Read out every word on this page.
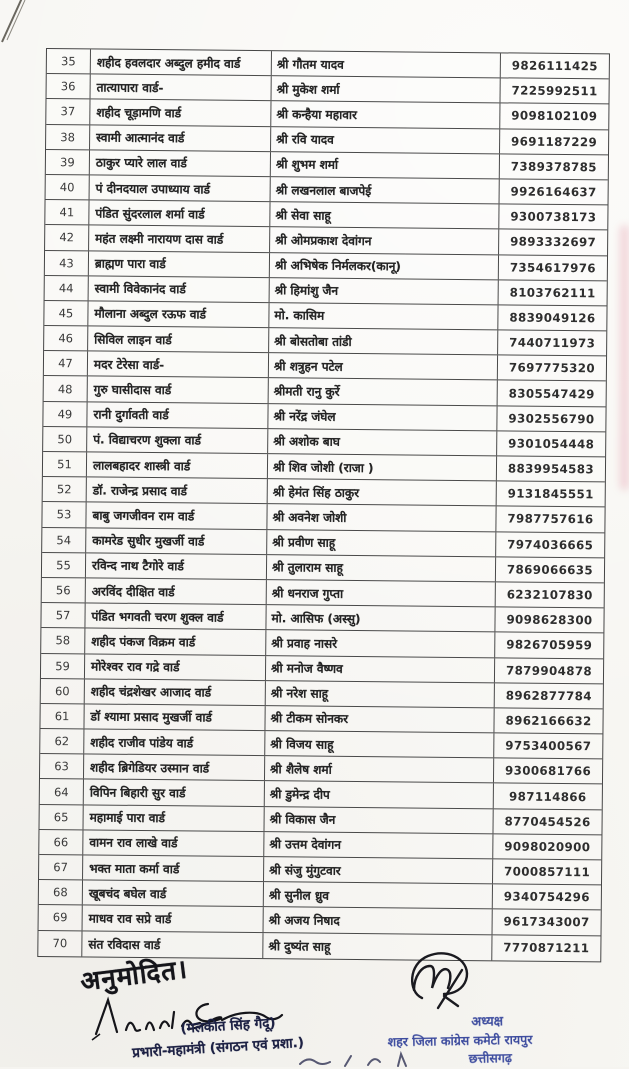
35	शहीद हवलदार अब्दुल हमीद वार्ड	श्री गौतम यादव	9826111425
36	तात्यापारा वार्ड-	श्री मुकेश शर्मा	7225992511
37	शहीद चूड़ामणि वार्ड	श्री कन्हैया महावार	9098102109
38	स्वामी आत्मानंद वार्ड	श्री रवि यादव	9691187229
39	ठाकुर प्यारे लाल वार्ड	श्री शुभम शर्मा	7389378785
40	पं दीनदयाल उपाध्याय वार्ड	श्री लखनलाल बाजपेई	9926164637
41	पंडित सुंदरलाल शर्मा वार्ड	श्री सेवा साहू	9300738173
42	महंत लक्ष्मी नारायण दास वार्ड	श्री ओमप्रकाश देवांगन	9893332697
43	ब्राह्मण पारा वार्ड	श्री अभिषेक निर्मलकर(कानू)	7354617976
44	स्वामी विवेकानंद वार्ड	श्री हिमांशु जैन	8103762111
45	मौलाना अब्दुल रऊफ वार्ड	मो. कासिम	8839049126
46	सिविल लाइन वार्ड	श्री बोसतोबा तांडी	7440711973
47	मदर टेरेसा वार्ड-	श्री शत्रुहन पटेल	7697775320
48	गुरु घासीदास वार्ड	श्रीमती रानु कुर्रे	8305547429
49	रानी दुर्गावती वार्ड	श्री नरेंद्र जंघेल	9302556790
50	पं. विद्याचरण शुक्ला वार्ड	श्री अशोक बाघ	9301054448
51	लालबहादर शास्त्री वार्ड	श्री शिव जोशी (राजा )	8839954583
52	डॉ. राजेन्द्र प्रसाद वार्ड	श्री हेमंत सिंह ठाकुर	9131845551
53	बाबु जगजीवन राम वार्ड	श्री अवनेश जोशी	7987757616
54	कामरेड सुधीर मुखर्जी वार्ड	श्री प्रवीण साहू	7974036665
55	रविन्द नाथ टैगोरे वार्ड	श्री तुलाराम साहू	7869066635
56	अरविंद दीक्षित वार्ड	श्री धनराज गुप्ता	6232107830
57	पंडित भगवती चरण शुक्ल वार्ड	मो. आसिफ (अस्सु)	9098628300
58	शहीद पंकज विक्रम वार्ड	श्री प्रवाह नासरे	9826705959
59	मोरेश्वर राव गद्रे वार्ड	श्री मनोज वैष्णव	7879904878
60	शहीद चंद्रशेखर आजाद वार्ड	श्री नरेश साहू	8962877784
61	डॉ श्यामा प्रसाद मुखर्जी वार्ड	श्री टीकम सोनकर	8962166632
62	शहीद राजीव पांडेय वार्ड	श्री विजय साहू	9753400567
63	शहीद ब्रिगेडियर उस्मान वार्ड	श्री शैलेष शर्मा	9300681766
64	विपिन बिहारी सुर वार्ड	श्री डुमेन्द्र दीप	987114866
65	महामाई पारा वार्ड	श्री विकास जैन	8770454526
66	वामन राव लाखे वार्ड	श्री उत्तम देवांगन	9098020900
67	भक्त माता कर्मा वार्ड	श्री संजु मुंगुटवार	7000857111
68	खूबचंद बघेल वार्ड	श्री सुनील ध्रुव	9340754296
69	माधव राव सप्रे वार्ड	श्री अजय निषाद	9617343007
70	संत रविदास वार्ड	श्री दुष्यंत साहू	7770871211
अनुमोदित।
(मलकीत सिंह गैदू)
प्रभारी-महामंत्री (संगठन एवं प्रशा.)
अध्यक्ष
शहर जिला कांग्रेस कमेटी रायपुर
छत्तीसगढ़
